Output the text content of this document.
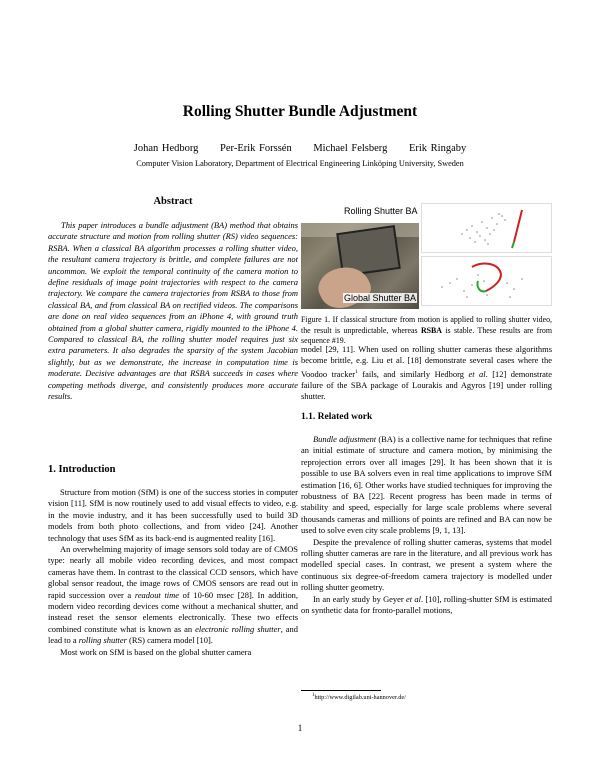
Rolling Shutter Bundle Adjustment
Johan Hedborg Per-Erik Forssén Michael Felsberg Erik Ringaby
Computer Vision Laboratory, Department of Electrical Engineering Linköping University, Sweden
Abstract

This paper introduces a bundle adjustment (BA) method that obtains accurate structure and motion from rolling shutter (RS) video sequences: RSBA. When a classical BA algorithm processes a rolling shutter video, the resultant camera trajectory is brittle, and complete failures are not uncommon. We exploit the temporal continuity of the camera motion to define residuals of image point trajectories with respect to the camera trajectory. We compare the camera trajectories from RSBA to those from classical BA, and from classical BA on rectified videos. The comparisons are done on real video sequences from an iPhone 4, with ground truth obtained from a global shutter camera, rigidly mounted to the iPhone 4. Compared to classical BA, the rolling shutter model requires just six extra parameters. It also degrades the sparsity of the system Jacobian slightly, but as we demonstrate, the increase in computation time is moderate. Decisive advantages are that RSBA succeeds in cases where competing methods diverge, and consistently produces more accurate results.

1. Introduction

Structure from motion (SfM) is one of the success stories in computer vision [11]. SfM is now routinely used to add visual effects to video, e.g. in the movie industry, and it has been successfully used to build 3D models from both photo collections, and from video [24]. Another technology that uses SfM as its back-end is augmented reality [16].

An overwhelming majority of image sensors sold today are of CMOS type: nearly all mobile video recording devices, and most compact cameras have them. In contrast to the classical CCD sensors, which have global sensor readout, the image rows of CMOS sensors are read out in rapid succession over a readout time of 10-60 msec [28]. In addition, modern video recording devices come without a mechanical shutter, and instead reset the sensor elements electronically. These two effects combined constitute what is known as an electronic rolling shutter, and lead to a rolling shutter (RS) camera model [10].

Most work on SfM is based on the global shutter camera

Rolling Shutter BA
Global Shutter BA
Figure 1. If classical structure from motion is applied to rolling shutter video, the result is unpredictable, whereas RSBA is stable. These results are from sequence #19.

model [29, 11]. When used on rolling shutter cameras these algorithms become brittle, e.g. Liu et al. [18] demonstrate several cases where the Voodoo tracker$^1$ fails, and similarly Hedborg et al. [12] demonstrate failure of the SBA package of Lourakis and Agyros [19] under rolling shutter.

1.1. Related work

Bundle adjustment (BA) is a collective name for techniques that refine an initial estimate of structure and camera motion, by minimising the reprojection errors over all images [29]. It has been shown that it is possible to use BA solvers even in real time applications to improve SfM estimation [16, 6]. Other works have studied techniques for improving the robustness of BA [22]. Recent progress has been made in terms of stability and speed, especially for large scale problems where several thousands cameras and millions of points are refined and BA can now be used to solve even city scale problems [9, 1, 13].

Despite the prevalence of rolling shutter cameras, systems that model rolling shutter cameras are rare in the literature, and all previous work has modelled special cases. In contrast, we present a system where the continuous six degree-of-freedom camera trajectory is modelled under rolling shutter geometry.

In an early study by Geyer et al. [10], rolling-shutter SfM is estimated on synthetic data for fronto-parallel motions,

$^1$http://www.digilab.uni-hannover.de/
1
